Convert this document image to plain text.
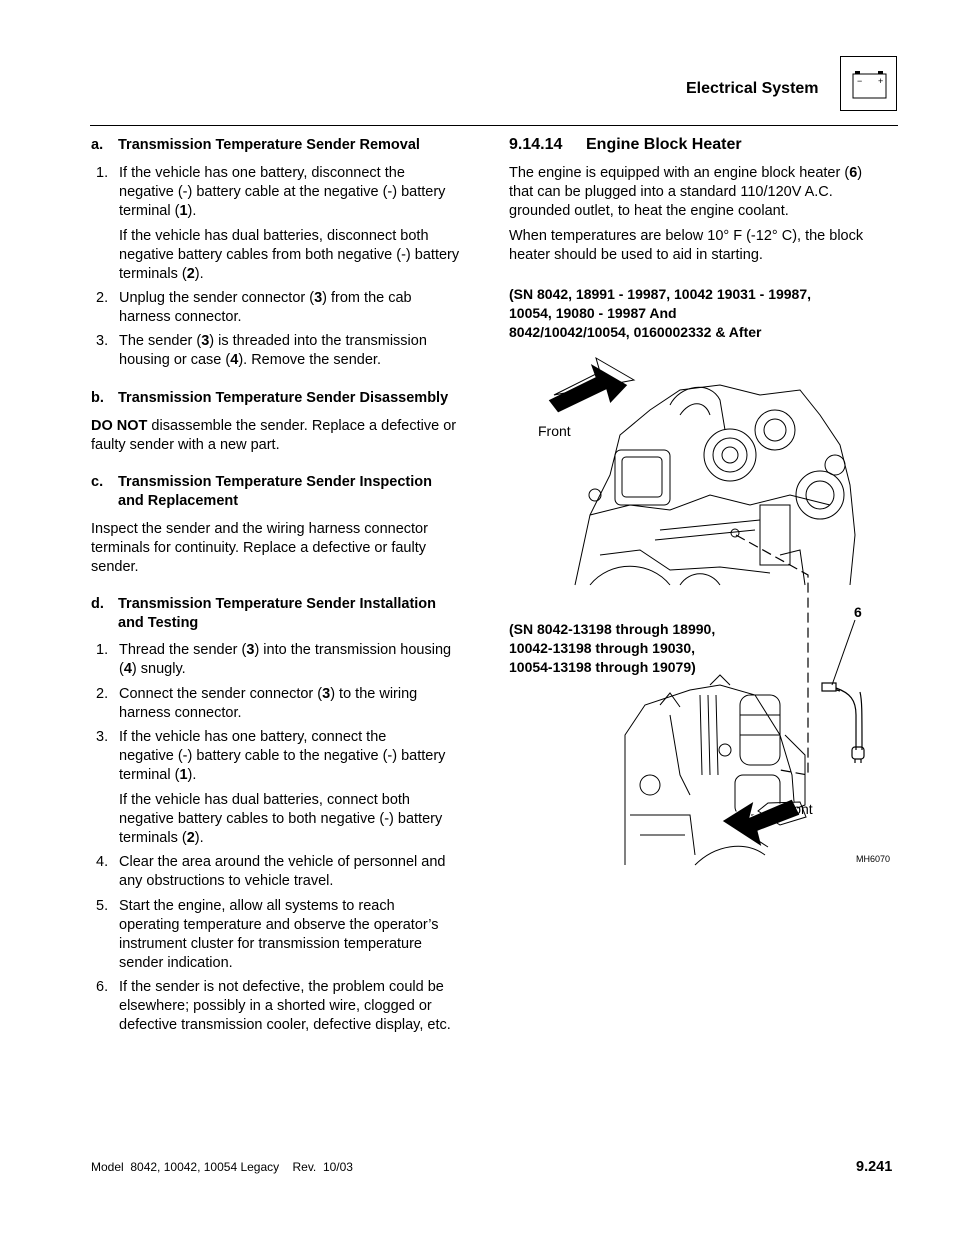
Electrical System	− +
a. Transmission Temperature Sender Removal
1. If the vehicle has one battery, disconnect the
negative (-) battery cable at the negative (-) battery
terminal (1).
If the vehicle has dual batteries, disconnect both
negative battery cables from both negative (-) battery
terminals (2).
2. Unplug the sender connector (3) from the cab
harness connector.
3. The sender (3) is threaded into the transmission
housing or case (4). Remove the sender.
b. Transmission Temperature Sender Disassembly
DO NOT disassemble the sender. Replace a defective or
faulty sender with a new part.
c. Transmission Temperature Sender Inspection
and Replacement
Inspect the sender and the wiring harness connector
terminals for continuity. Replace a defective or faulty
sender.
d. Transmission Temperature Sender Installation
and Testing
1. Thread the sender (3) into the transmission housing
(4) snugly.
2. Connect the sender connector (3) to the wiring
harness connector.
3. If the vehicle has one battery, connect the
negative (-) battery cable to the negative (-) battery
terminal (1).
If the vehicle has dual batteries, connect both
negative battery cables to both negative (-) battery
terminals (2).
4. Clear the area around the vehicle of personnel and
any obstructions to vehicle travel.
5. Start the engine, allow all systems to reach
operating temperature and observe the operator’s
instrument cluster for transmission temperature
sender indication.
6. If the sender is not defective, the problem could be
elsewhere; possibly in a shorted wire, clogged or
defective transmission cooler, defective display, etc.
9.14.14 Engine Block Heater
The engine is equipped with an engine block heater (6)
that can be plugged into a standard 110/120V A.C.
grounded outlet, to heat the engine coolant.
When temperatures are below 10° F (-12° C), the block
heater should be used to aid in starting.
(SN 8042, 18991 - 19987, 10042 19031 - 19987,
10054, 19080 - 19987 And
8042/10042/10054, 0160002332 & After
(SN 8042-13198 through 18990,
10042-13198 through 19030,
10054-13198 through 19079)
6
Front
Front
MH6070
Model  8042, 10042, 10054 Legacy    Rev.  10/03	9.241
